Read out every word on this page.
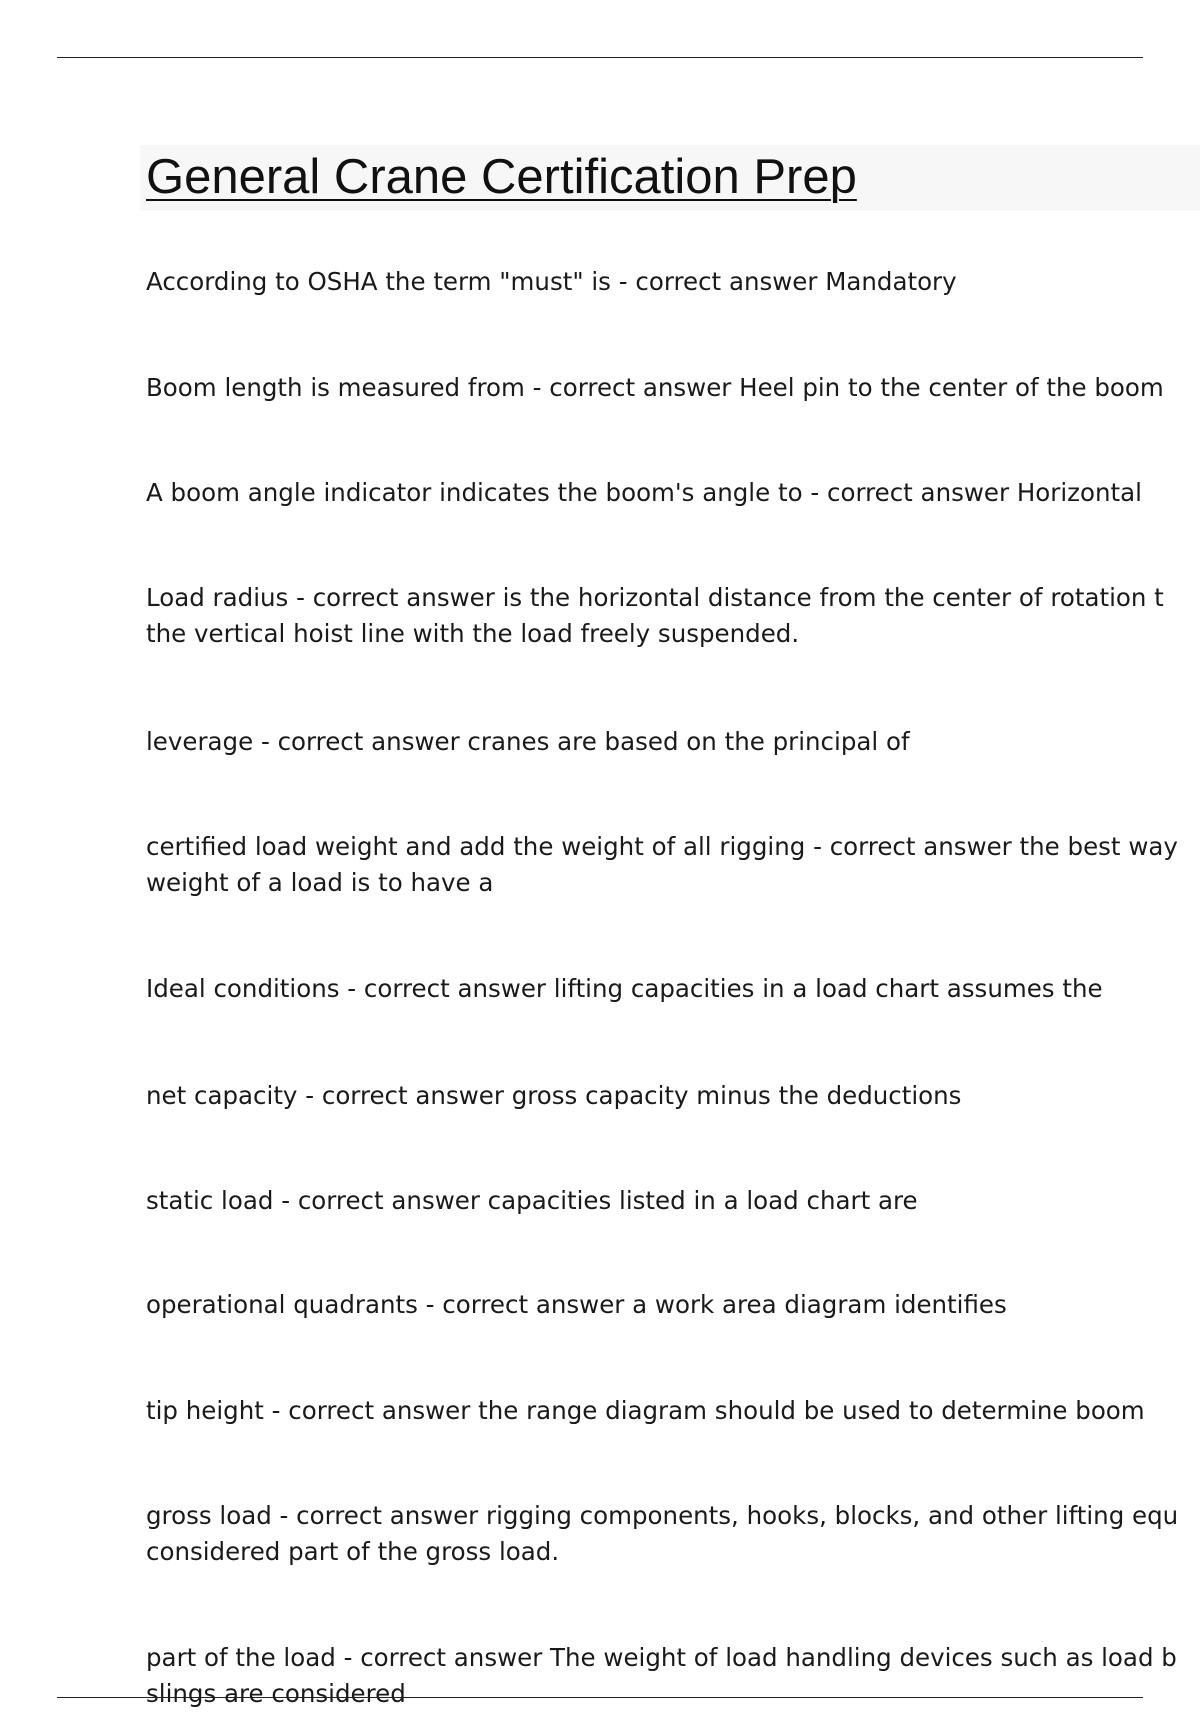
General Crane Certification Prep

According to OSHA the term "must" is - correct answer Mandatory

Boom length is measured from - correct answer Heel pin to the center of the boom

A boom angle indicator indicates the boom's angle to - correct answer Horizontal

Load radius - correct answer is the horizontal distance from the center of rotation t
the vertical hoist line with the load freely suspended.

leverage - correct answer cranes are based on the principal of

certified load weight and add the weight of all rigging - correct answer the best way
weight of a load is to have a

Ideal conditions - correct answer lifting capacities in a load chart assumes the

net capacity - correct answer gross capacity minus the deductions

static load - correct answer capacities listed in a load chart are

operational quadrants - correct answer a work area diagram identifies

tip height - correct answer the range diagram should be used to determine boom

gross load - correct answer rigging components, hooks, blocks, and other lifting equ
considered part of the gross load.

part of the load - correct answer The weight of load handling devices such as load b
slings are considered
